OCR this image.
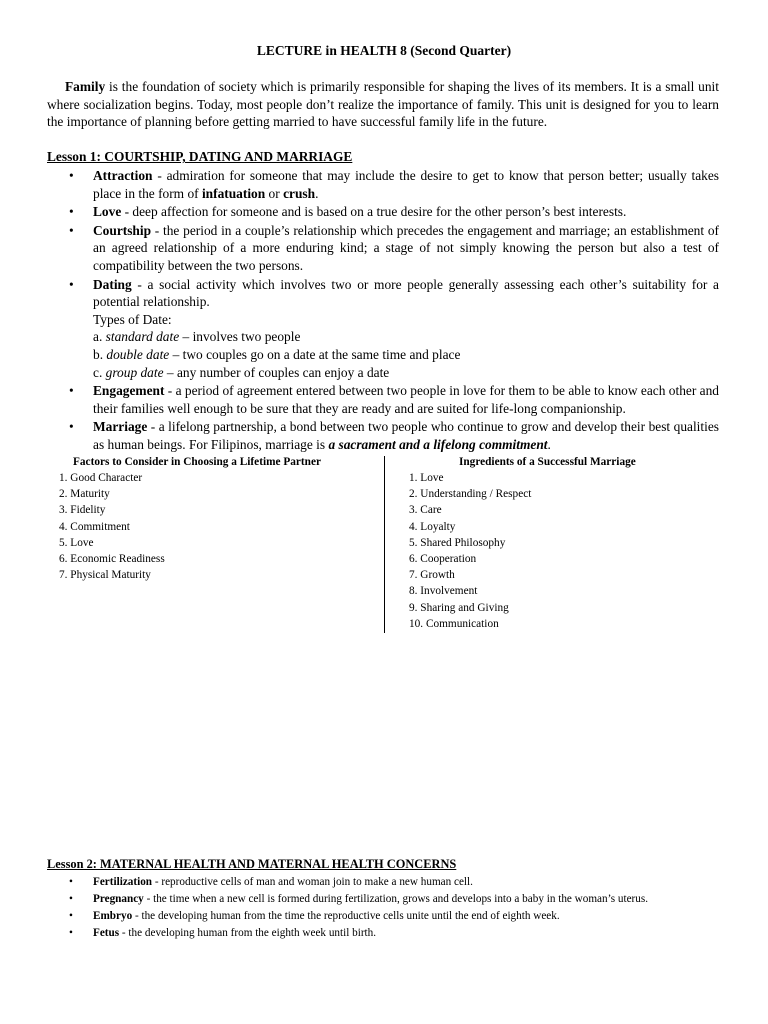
LECTURE in HEALTH 8 (Second Quarter)

Family is the foundation of society which is primarily responsible for shaping the lives of its members. It is a small unit where socialization begins. Today, most people don’t realize the importance of family. This unit is designed for you to learn the importance of planning before getting married to have successful family life in the future.

Lesson 1: COURTSHIP, DATING AND MARRIAGE
• Attraction - admiration for someone that may include the desire to get to know that person better; usually takes place in the form of infatuation or crush.
• Love - deep affection for someone and is based on a true desire for the other person’s best interests.
• Courtship - the period in a couple’s relationship which precedes the engagement and marriage; an establishment of an agreed relationship of a more enduring kind; a stage of not simply knowing the person but also a test of compatibility between the two persons.
• Dating - a social activity which involves two or more people generally assessing each other’s suitability for a potential relationship.
Types of Date:
a. standard date – involves two people
b. double date – two couples go on a date at the same time and place
c. group date – any number of couples can enjoy a date
• Engagement - a period of agreement entered between two people in love for them to be able to know each other and their families well enough to be sure that they are ready and are suited for life-long companionship.
• Marriage - a lifelong partnership, a bond between two people who continue to grow and develop their best qualities as human beings. For Filipinos, marriage is a sacrament and a lifelong commitment.
Factors to Consider in Choosing a Lifetime Partner
1. Good Character
2. Maturity
3. Fidelity
4. Commitment
5. Love
6. Economic Readiness
7. Physical Maturity
Ingredients of a Successful Marriage
1. Love
2. Understanding / Respect
3. Care
4. Loyalty
5. Shared Philosophy
6. Cooperation
7. Growth
8. Involvement
9. Sharing and Giving
10. Communication
Lesson 2: MATERNAL HEALTH AND MATERNAL HEALTH CONCERNS
• Fertilization - reproductive cells of man and woman join to make a new human cell.
• Pregnancy - the time when a new cell is formed during fertilization, grows and develops into a baby in the woman’s uterus.
• Embryo - the developing human from the time the reproductive cells unite until the end of eighth week.
• Fetus - the developing human from the eighth week until birth.
